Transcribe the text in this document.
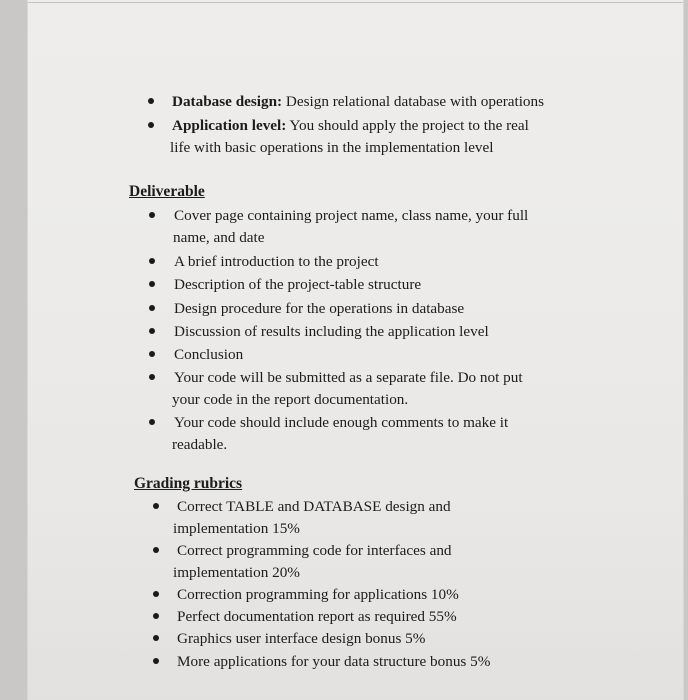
Database design: Design relational database with operations
Application level: You should apply the project to the real
life with basic operations in the implementation level
Deliverable
Cover page containing project name, class name, your full
name, and date
A brief introduction to the project
Description of the project-table structure
Design procedure for the operations in database
Discussion of results including the application level
Conclusion
Your code will be submitted as a separate file. Do not put
your code in the report documentation.
Your code should include enough comments to make it
readable.
Grading rubrics
Correct TABLE and DATABASE design and
implementation 15%
Correct programming code for interfaces and
implementation 20%
Correction programming for applications 10%
Perfect documentation report as required 55%
Graphics user interface design bonus 5%
More applications for your data structure bonus 5%
